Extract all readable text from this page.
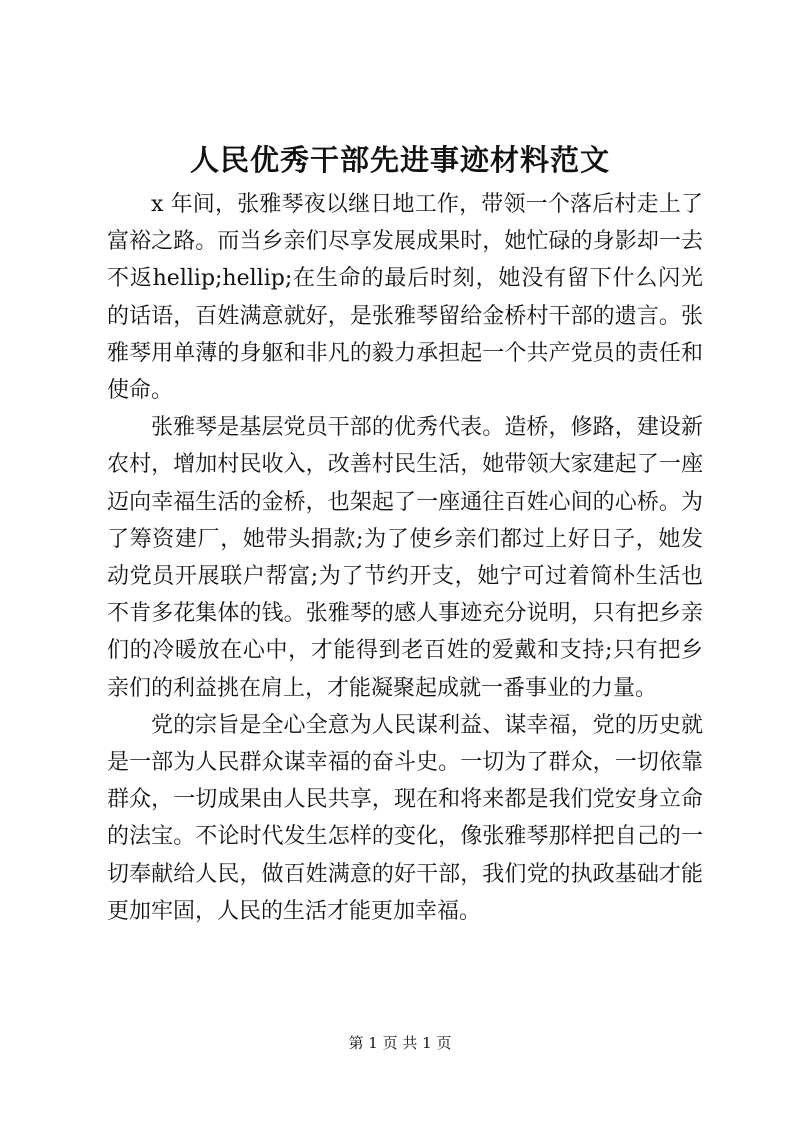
人民优秀干部先进事迹材料范文

x 年间，张雅琴夜以继日地工作，带领一个落后村走上了富裕之路。而当乡亲们尽享发展成果时，她忙碌的身影却一去不返hellip;hellip;在生命的最后时刻，她没有留下什么闪光的话语，百姓满意就好，是张雅琴留给金桥村干部的遗言。张雅琴用单薄的身躯和非凡的毅力承担起一个共产党员的责任和使命。

张雅琴是基层党员干部的优秀代表。造桥，修路，建设新农村，增加村民收入，改善村民生活，她带领大家建起了一座迈向幸福生活的金桥，也架起了一座通往百姓心间的心桥。为了筹资建厂，她带头捐款;为了使乡亲们都过上好日子，她发动党员开展联户帮富;为了节约开支，她宁可过着简朴生活也不肯多花集体的钱。张雅琴的感人事迹充分说明，只有把乡亲们的冷暖放在心中，才能得到老百姓的爱戴和支持;只有把乡亲们的利益挑在肩上，才能凝聚起成就一番事业的力量。

党的宗旨是全心全意为人民谋利益、谋幸福，党的历史就是一部为人民群众谋幸福的奋斗史。一切为了群众，一切依靠群众，一切成果由人民共享，现在和将来都是我们党安身立命的法宝。不论时代发生怎样的变化，像张雅琴那样把自己的一切奉献给人民，做百姓满意的好干部，我们党的执政基础才能更加牢固，人民的生活才能更加幸福。

第 1 页 共 1 页
